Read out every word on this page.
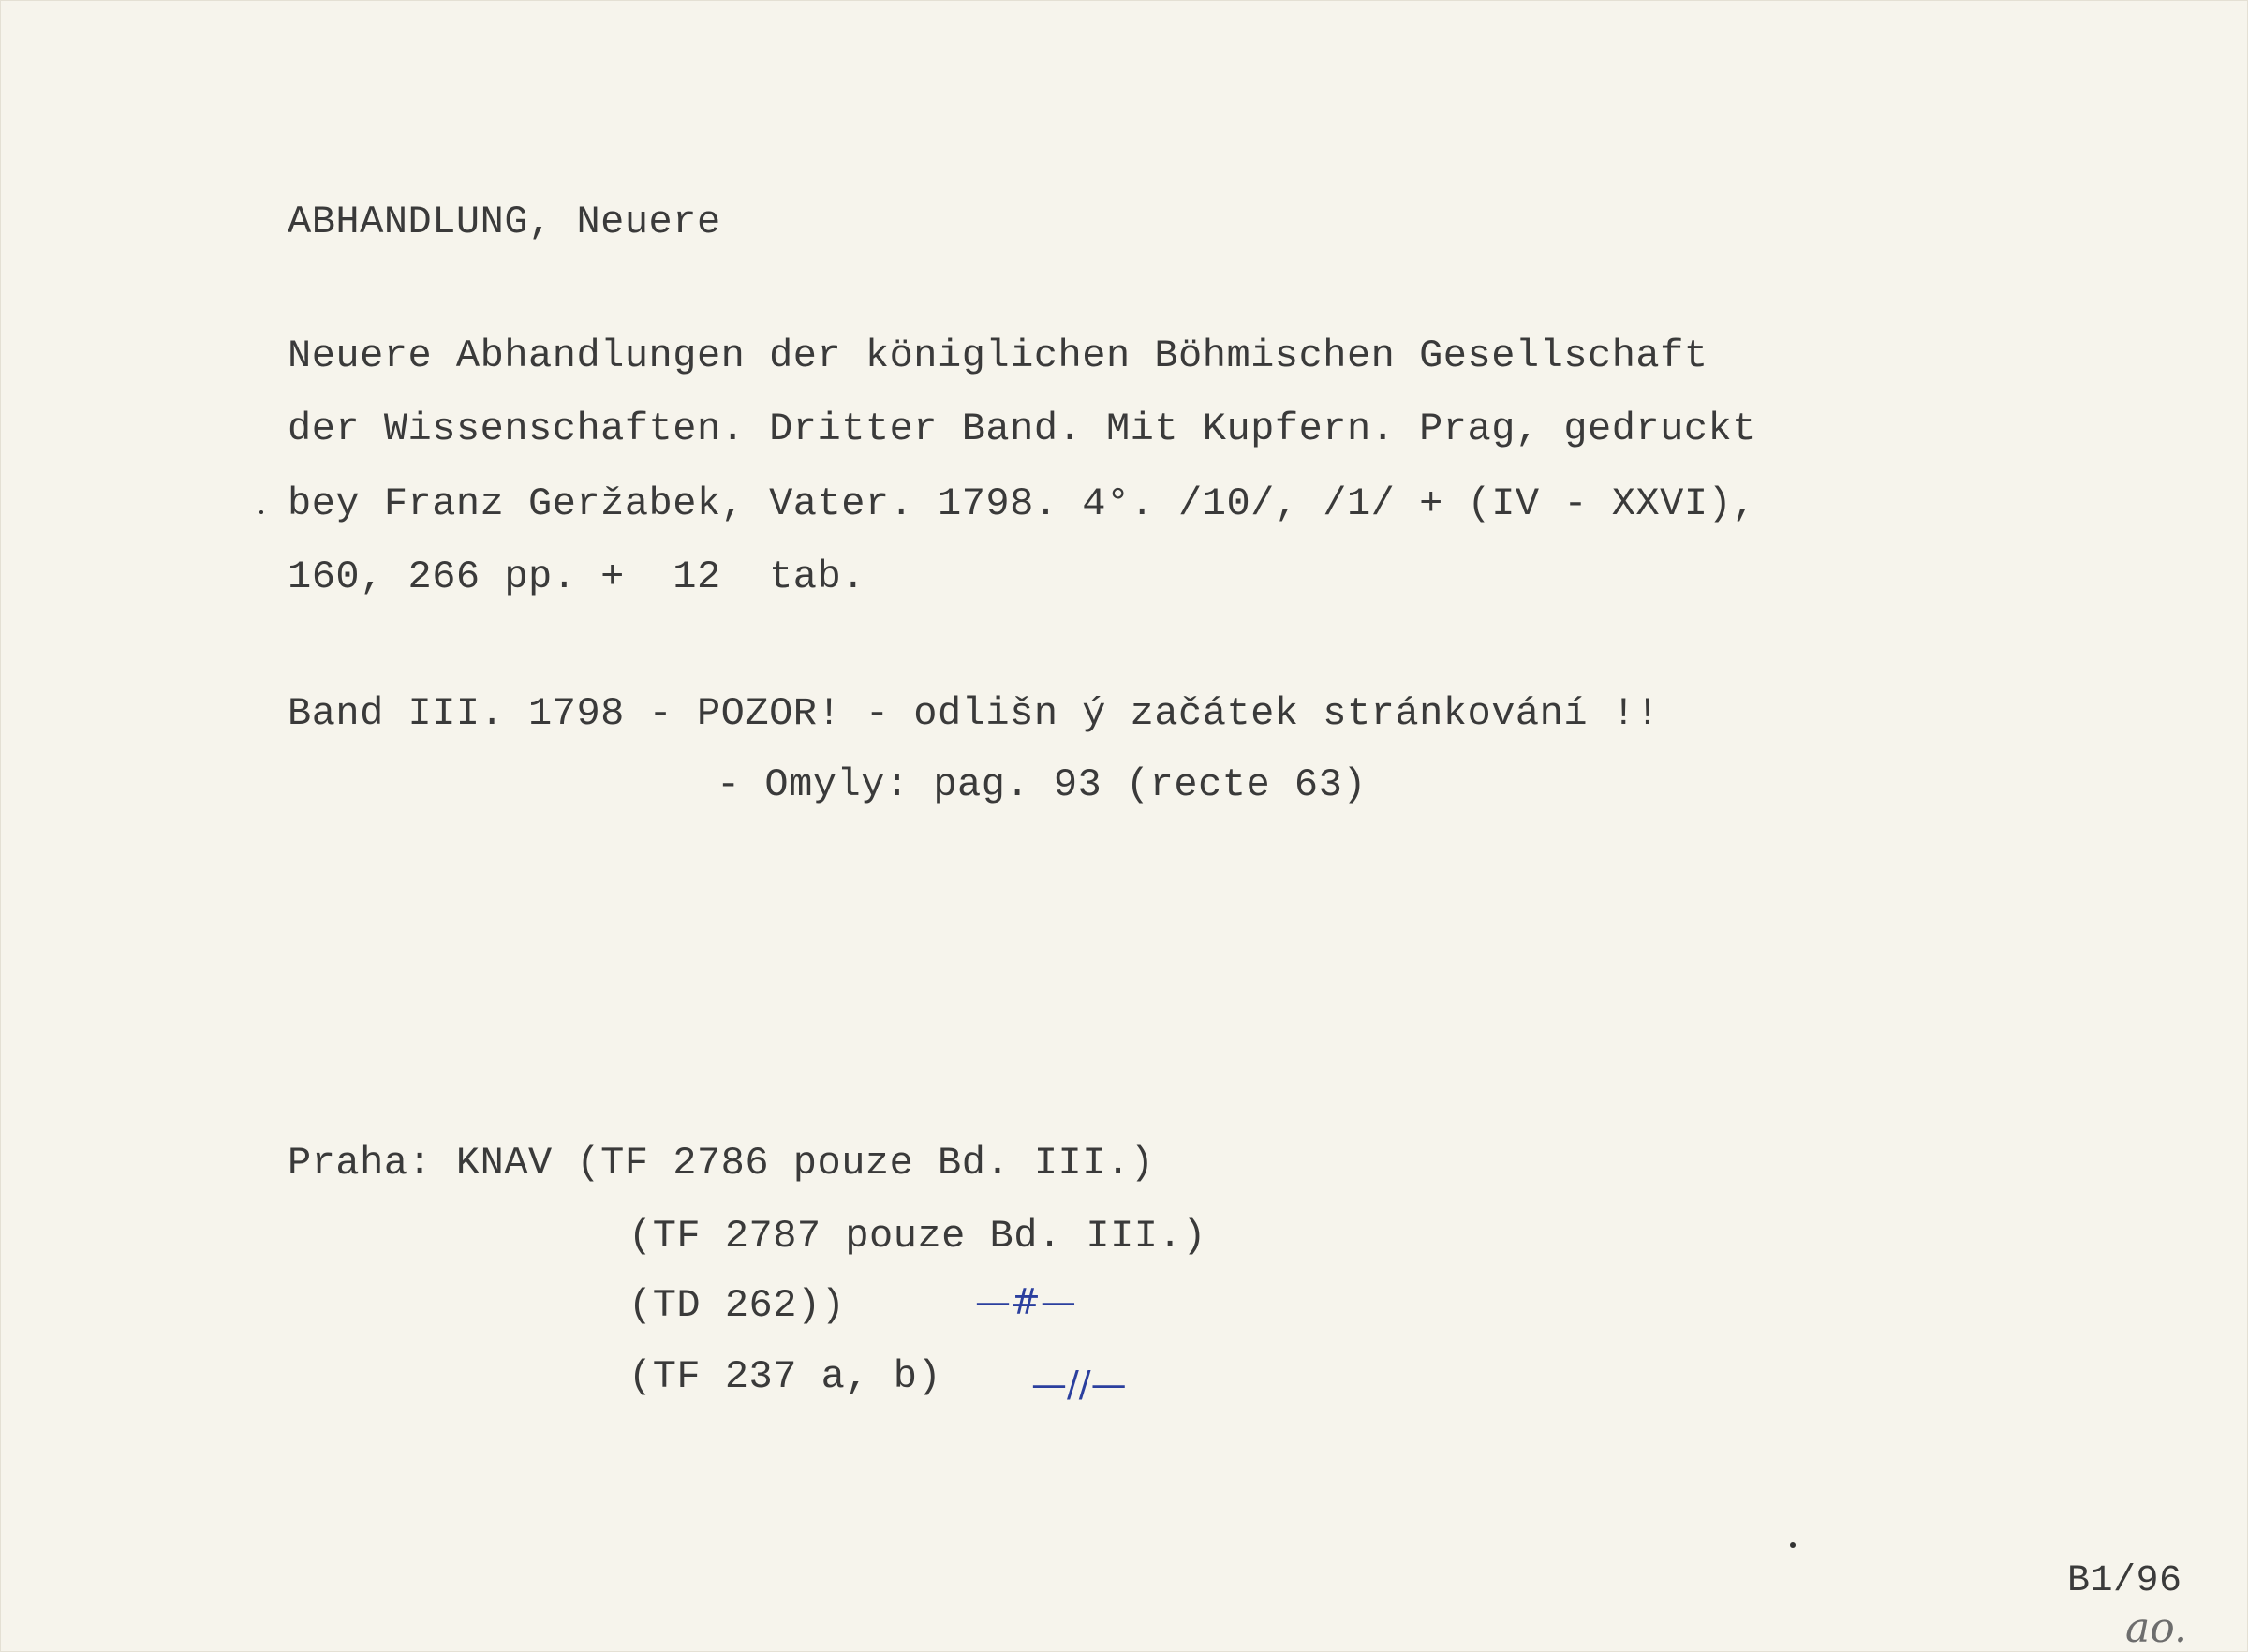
ABHANDLUNG, Neuere
Neuere Abhandlungen der königlichen Böhmischen Gesellschaft
der Wissenschaften. Dritter Band. Mit Kupfern. Prag, gedruckt
bey Franz Geržabek, Vater. 1798. 4°. /10/, /1/ + (IV - XXVI),
160, 266 pp. +  12  tab.
Band III. 1798 - POZOR! - odlišn ý začátek stránkování !!
- Omyly: pag. 93 (recte 63)
Praha: KNAV (TF 2786 pouze Bd. III.)
(TF 2787 pouze Bd. III.)
(TD 262))
(TF 237 a, b)
—#—
—//—
B1/96
ao.
